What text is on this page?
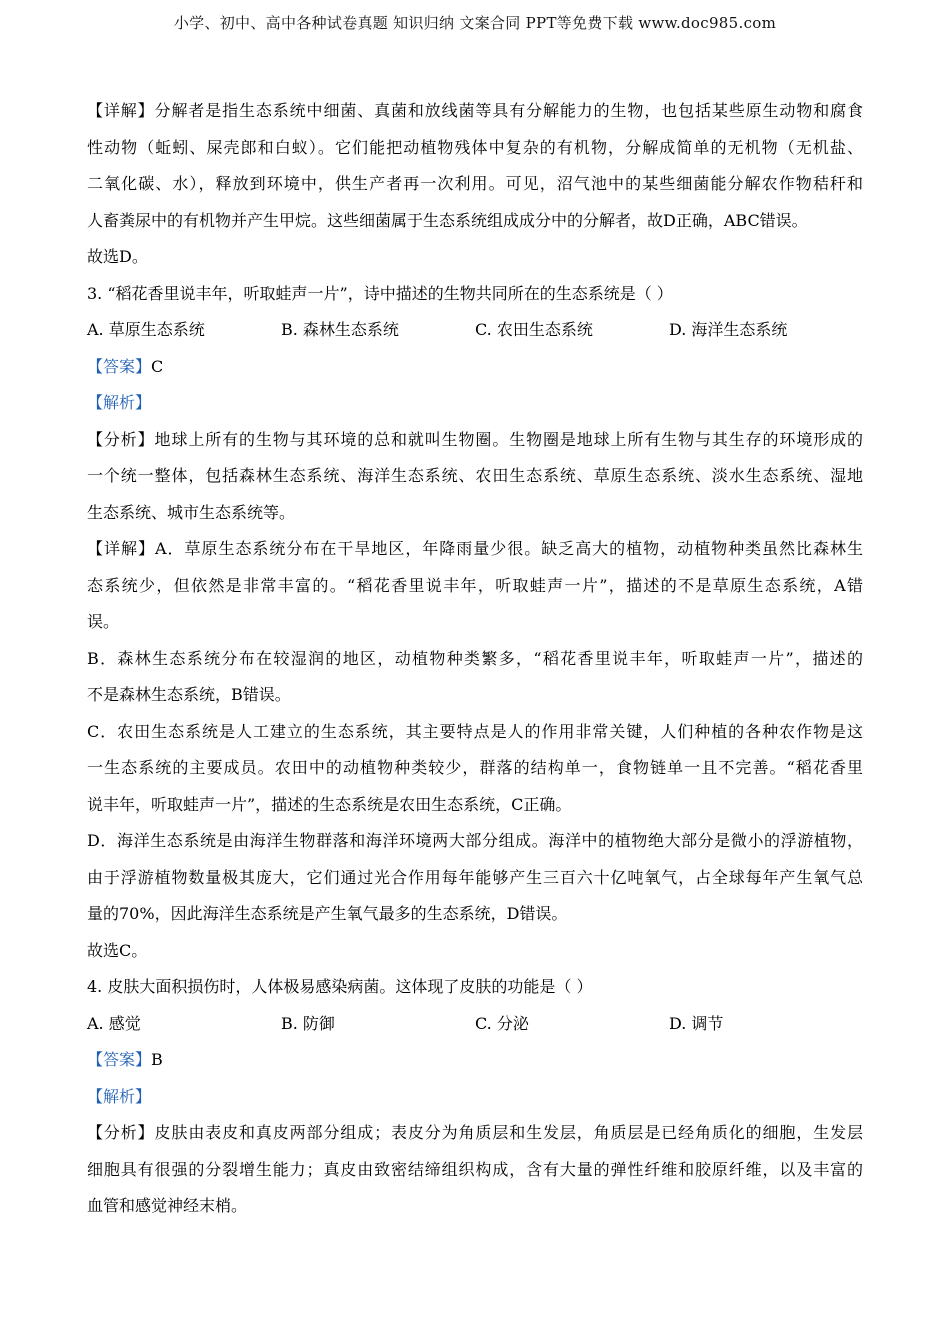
小学、初中、高中各种试卷真题 知识归纳 文案合同 PPT等免费下载 www.doc985.com
【详解】分解者是指生态系统中细菌、真菌和放线菌等具有分解能力的生物，也包括某些原生动物和腐食
性动物（蚯蚓、屎壳郎和白蚁）。它们能把动植物残体中复杂的有机物，分解成简单的无机物（无机盐、
二氧化碳、水），释放到环境中，供生产者再一次利用。可见，沼气池中的某些细菌能分解农作物秸秆和
人畜粪尿中的有机物并产生甲烷。这些细菌属于生态系统组成成分中的分解者，故D正确，ABC错误。
故选D。
3. “稻花香里说丰年，听取蛙声一片”，诗中描述的生物共同所在的生态系统是（ ）
A. 草原生态系统	B. 森林生态系统	C. 农田生态系统	D. 海洋生态系统
【答案】C
【解析】
【分析】地球上所有的生物与其环境的总和就叫生物圈。生物圈是地球上所有生物与其生存的环境形成的
一个统一整体，包括森林生态系统、海洋生态系统、农田生态系统、草原生态系统、淡水生态系统、湿地
生态系统、城市生态系统等。
【详解】A．草原生态系统分布在干旱地区，年降雨量少很。缺乏高大的植物，动植物种类虽然比森林生
态系统少，但依然是非常丰富的。“稻花香里说丰年，听取蛙声一片”，描述的不是草原生态系统，A错
误。
B．森林生态系统分布在较湿润的地区，动植物种类繁多，“稻花香里说丰年，听取蛙声一片”，描述的
不是森林生态系统，B错误。
C．农田生态系统是人工建立的生态系统，其主要特点是人的作用非常关键，人们种植的各种农作物是这
一生态系统的主要成员。农田中的动植物种类较少，群落的结构单一，食物链单一且不完善。“稻花香里
说丰年，听取蛙声一片”，描述的生态系统是农田生态系统，C正确。
D．海洋生态系统是由海洋生物群落和海洋环境两大部分组成。海洋中的植物绝大部分是微小的浮游植物，
由于浮游植物数量极其庞大，它们通过光合作用每年能够产生三百六十亿吨氧气，占全球每年产生氧气总
量的70%，因此海洋生态系统是产生氧气最多的生态系统，D错误。
故选C。
4. 皮肤大面积损伤时，人体极易感染病菌。这体现了皮肤的功能是（ ）
A. 感觉	B. 防御	C. 分泌	D. 调节
【答案】B
【解析】
【分析】皮肤由表皮和真皮两部分组成；表皮分为角质层和生发层，角质层是已经角质化的细胞，生发层
细胞具有很强的分裂增生能力；真皮由致密结缔组织构成，含有大量的弹性纤维和胶原纤维，以及丰富的
血管和感觉神经末梢。
